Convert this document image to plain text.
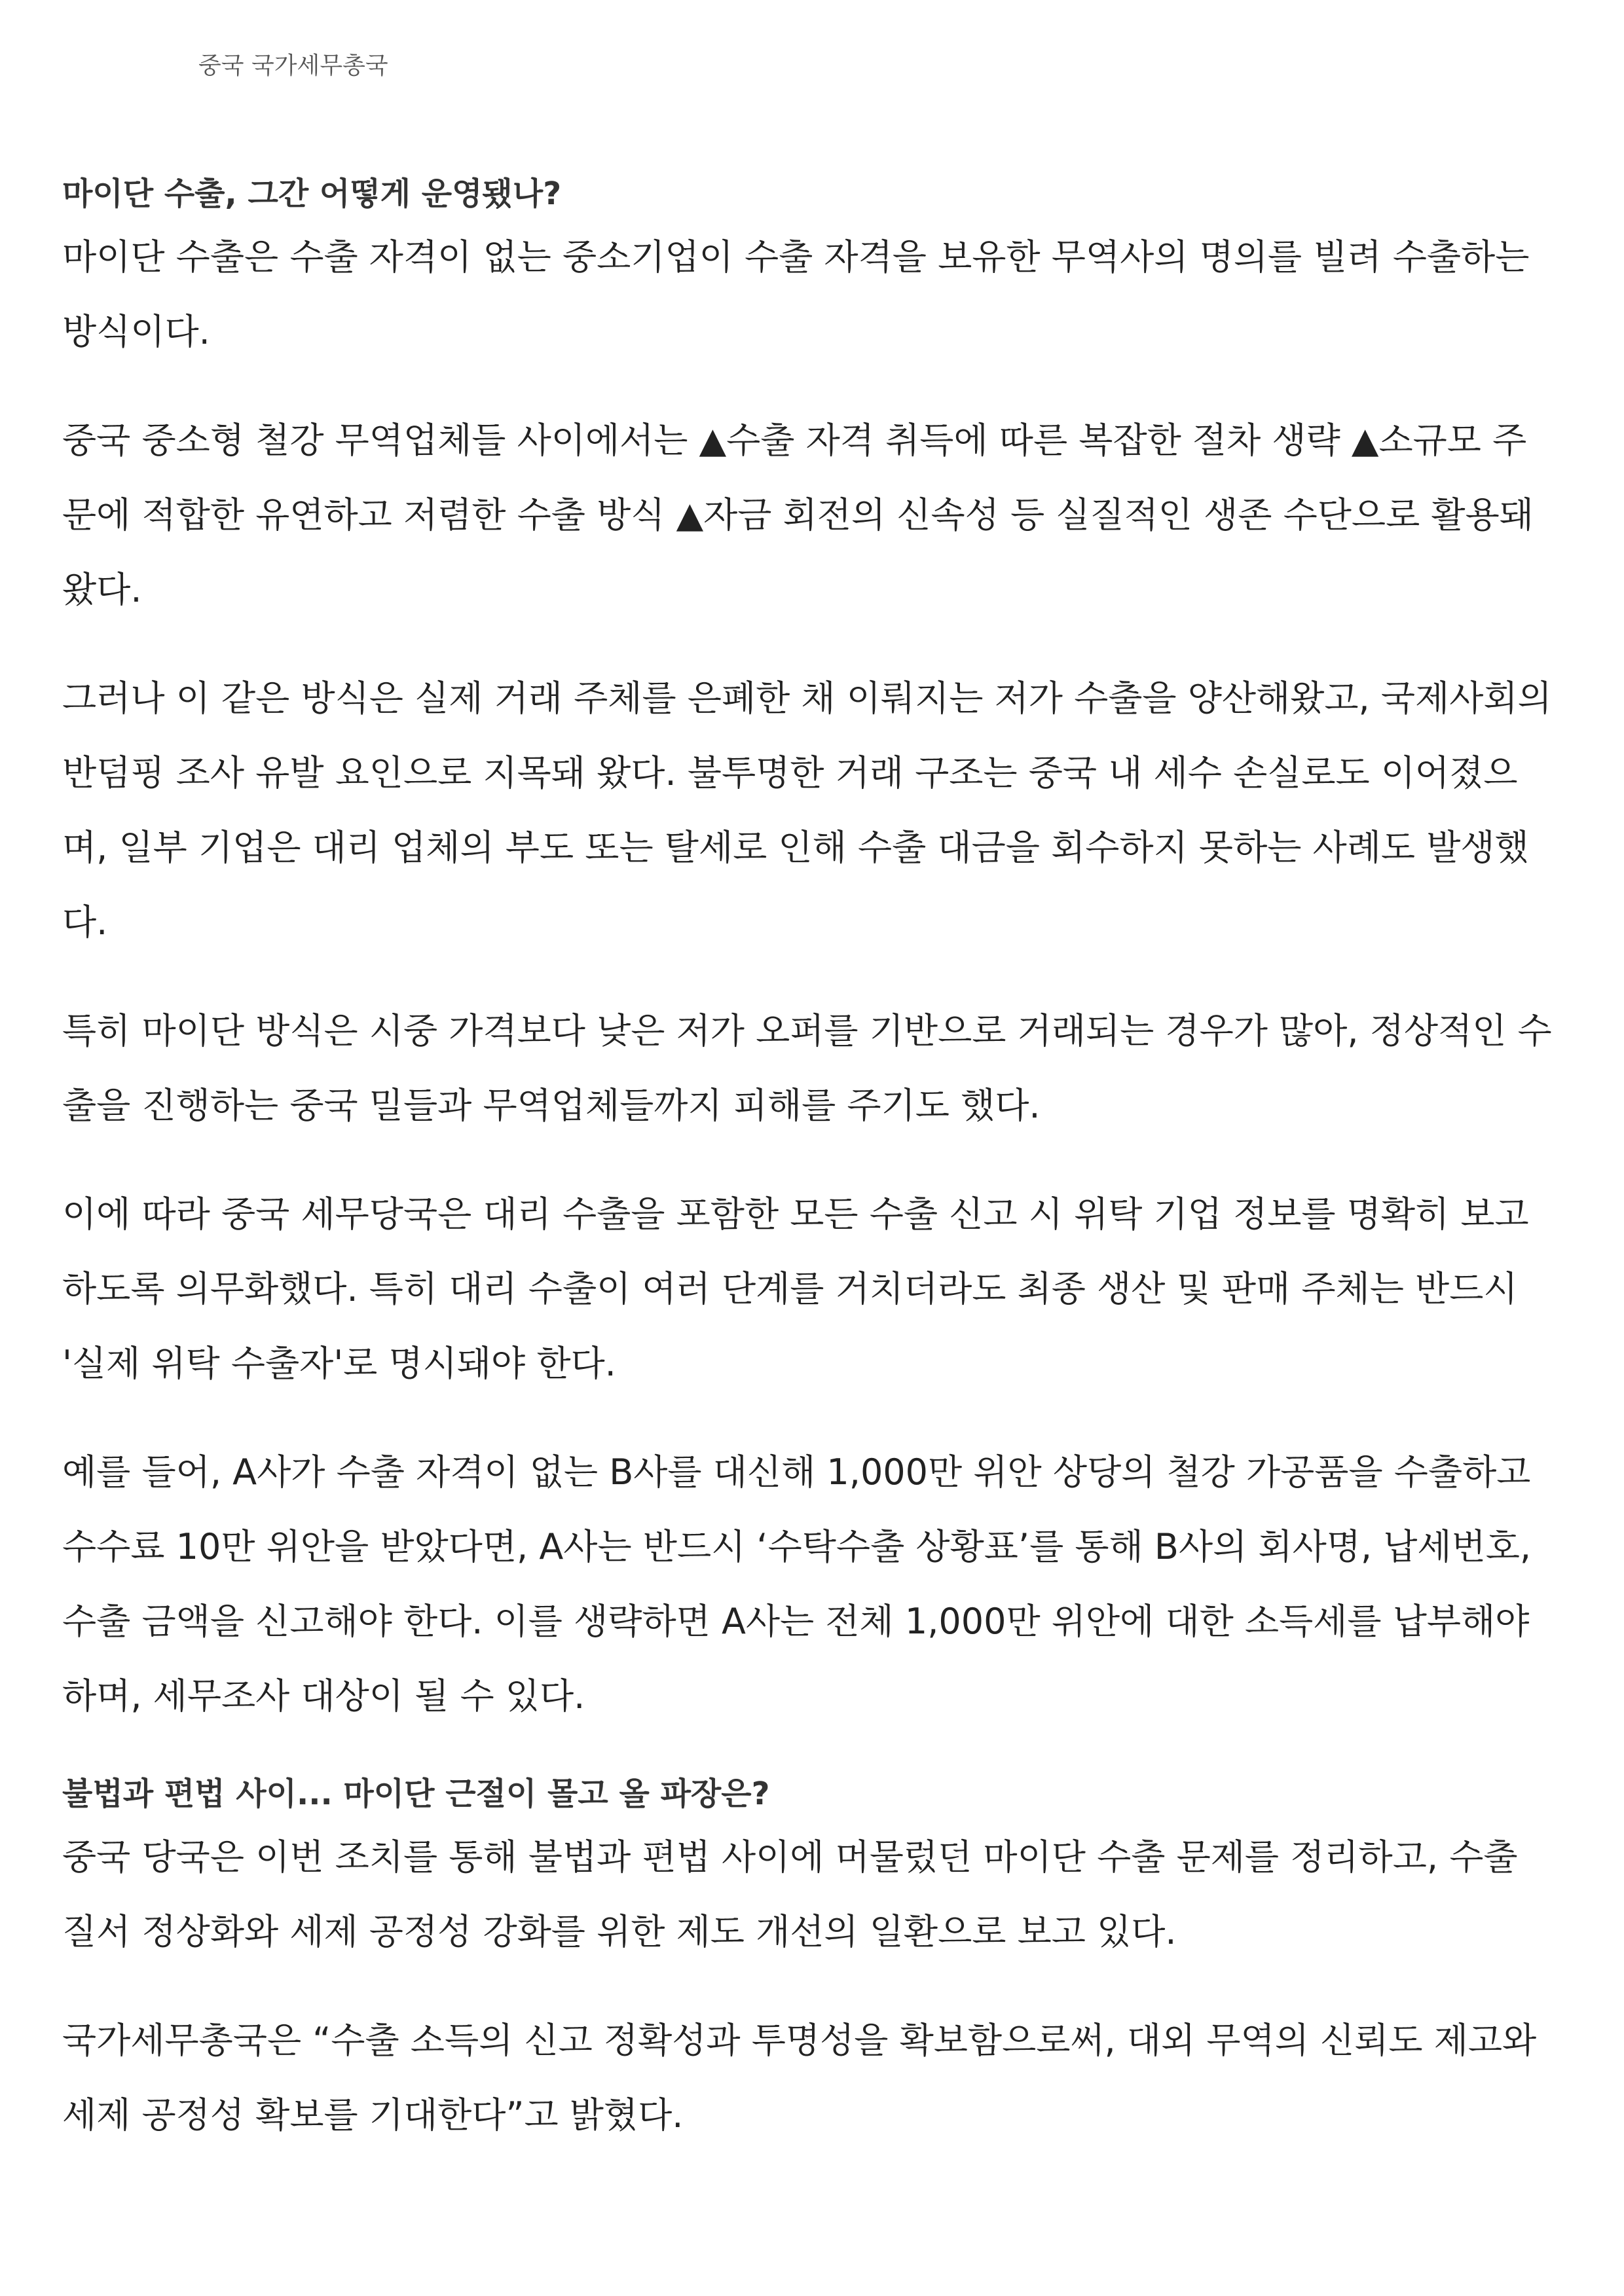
중국 국가세무총국
마이단 수출, 그간 어떻게 운영됐나?

마이단 수출은 수출 자격이 없는 중소기업이 수출 자격을 보유한 무역사의 명의를 빌려 수출하는 방식이다.

중국 중소형 철강 무역업체들 사이에서는 ▲수출 자격 취득에 따른 복잡한 절차 생략 ▲소규모 주문에 적합한 유연하고 저렴한 수출 방식 ▲자금 회전의 신속성 등 실질적인 생존 수단으로 활용돼 왔다.

그러나 이 같은 방식은 실제 거래 주체를 은폐한 채 이뤄지는 저가 수출을 양산해왔고, 국제사회의 반덤핑 조사 유발 요인으로 지목돼 왔다. 불투명한 거래 구조는 중국 내 세수 손실로도 이어졌으며, 일부 기업은 대리 업체의 부도 또는 탈세로 인해 수출 대금을 회수하지 못하는 사례도 발생했다.

특히 마이단 방식은 시중 가격보다 낮은 저가 오퍼를 기반으로 거래되는 경우가 많아, 정상적인 수출을 진행하는 중국 밀들과 무역업체들까지 피해를 주기도 했다.

이에 따라 중국 세무당국은 대리 수출을 포함한 모든 수출 신고 시 위탁 기업 정보를 명확히 보고하도록 의무화했다. 특히 대리 수출이 여러 단계를 거치더라도 최종 생산 및 판매 주체는 반드시 '실제 위탁 수출자'로 명시돼야 한다.

예를 들어, A사가 수출 자격이 없는 B사를 대신해 1,000만 위안 상당의 철강 가공품을 수출하고 수수료 10만 위안을 받았다면, A사는 반드시 ‘수탁수출 상황표’를 통해 B사의 회사명, 납세번호, 수출 금액을 신고해야 한다. 이를 생략하면 A사는 전체 1,000만 위안에 대한 소득세를 납부해야 하며, 세무조사 대상이 될 수 있다.

불법과 편법 사이... 마이단 근절이 몰고 올 파장은?

중국 당국은 이번 조치를 통해 불법과 편법 사이에 머물렀던 마이단 수출 문제를 정리하고, 수출 질서 정상화와 세제 공정성 강화를 위한 제도 개선의 일환으로 보고 있다.

국가세무총국은 “수출 소득의 신고 정확성과 투명성을 확보함으로써, 대외 무역의 신뢰도 제고와 세제 공정성 확보를 기대한다”고 밝혔다.
